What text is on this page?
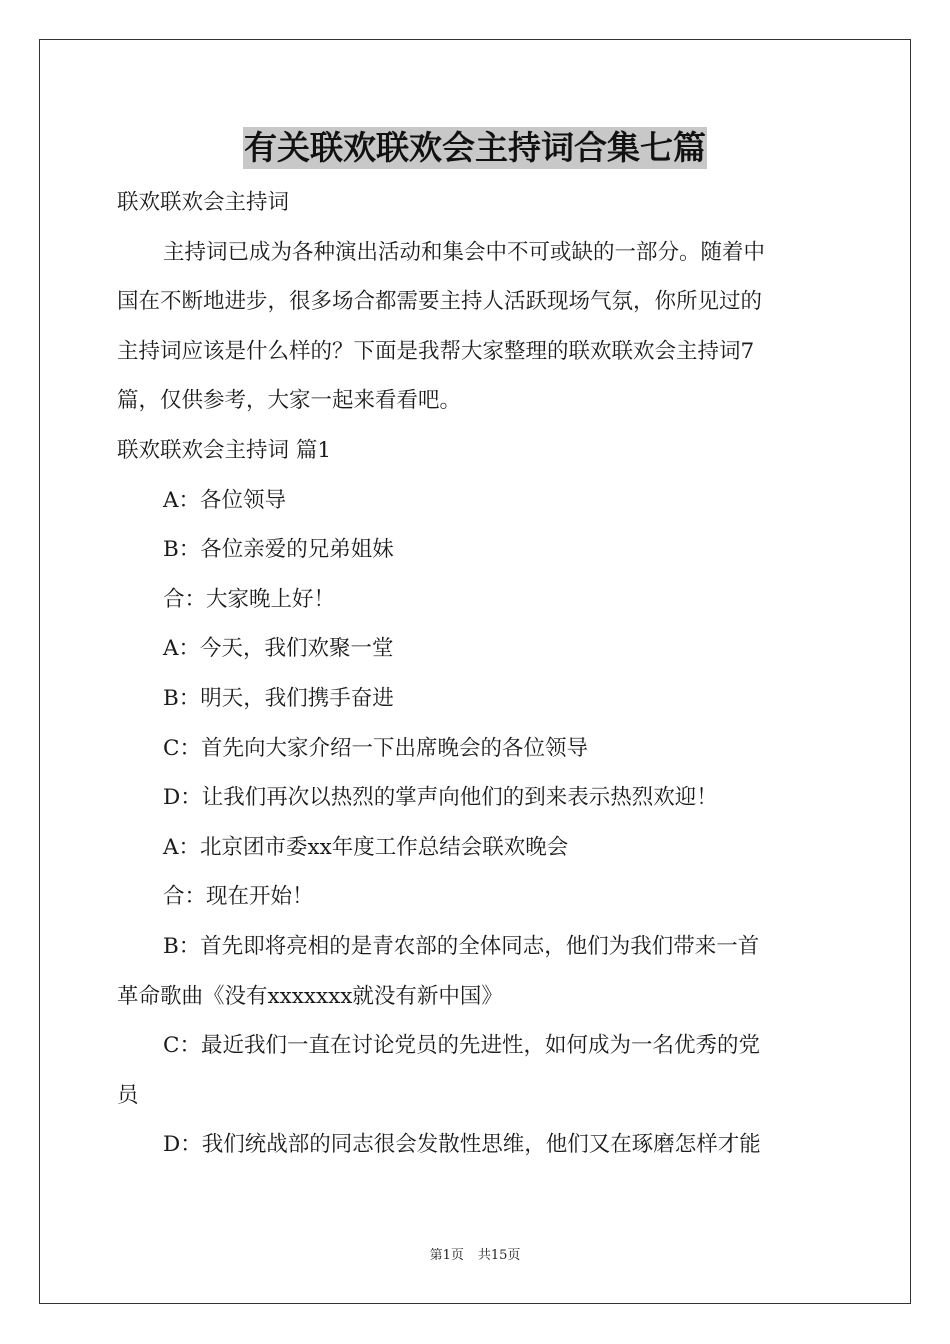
有关联欢联欢会主持词合集七篇
联欢联欢会主持词
主持词已成为各种演出活动和集会中不可或缺的一部分。随着中
国在不断地进步，很多场合都需要主持人活跃现场气氛，你所见过的
主持词应该是什么样的？下面是我帮大家整理的联欢联欢会主持词7
篇，仅供参考，大家一起来看看吧。
联欢联欢会主持词 篇1
A：各位领导
B：各位亲爱的兄弟姐妹
合：大家晚上好！
A：今天，我们欢聚一堂
B：明天，我们携手奋进
C：首先向大家介绍一下出席晚会的各位领导
D：让我们再次以热烈的掌声向他们的到来表示热烈欢迎！
A：北京团市委xx年度工作总结会联欢晚会
合：现在开始！
B：首先即将亮相的是青农部的全体同志，他们为我们带来一首
革命歌曲《没有xxxxxxx就没有新中国》
C：最近我们一直在讨论党员的先进性，如何成为一名优秀的党
员
D：我们统战部的同志很会发散性思维，他们又在琢磨怎样才能
第1页 共15页
